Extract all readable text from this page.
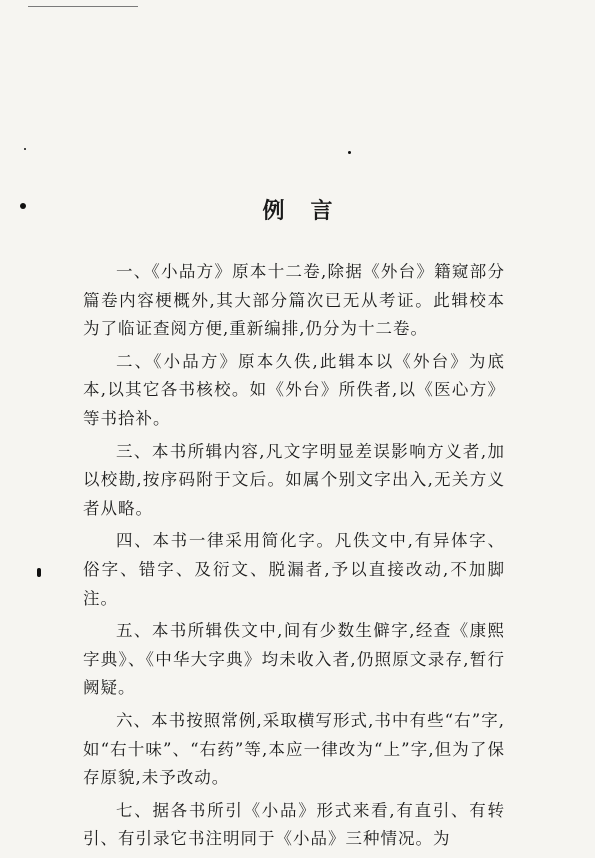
例言

一、《小品方》原本十二卷,除据《外台》籍窥部分篇卷内容梗概外,其大部分篇次已无从考证。此辑校本为了临证查阅方便,重新编排,仍分为十二卷。

二、《小品方》原本久佚,此辑本以《外台》为底本,以其它各书核校。如《外台》所佚者,以《医心方》等书拾补。

三、本书所辑内容,凡文字明显差误影响方义者,加以校勘,按序码附于文后。如属个别文字出入,无关方义者从略。

四、本书一律采用简化字。凡佚文中,有异体字、俗字、错字、及衍文、脱漏者,予以直接改动,不加脚注。

五、本书所辑佚文中,间有少数生僻字,经查《康熙字典》、《中华大字典》均未收入者,仍照原文录存,暂行阙疑。

六、本书按照常例,采取横写形式,书中有些“右”字,如“右十味”、“右药”等,本应一律改为“上”字,但为了保存原貌,未予改动。

七、据各书所引《小品》形式来看,有直引、有转引、有引录它书注明同于《小品》三种情况。为
